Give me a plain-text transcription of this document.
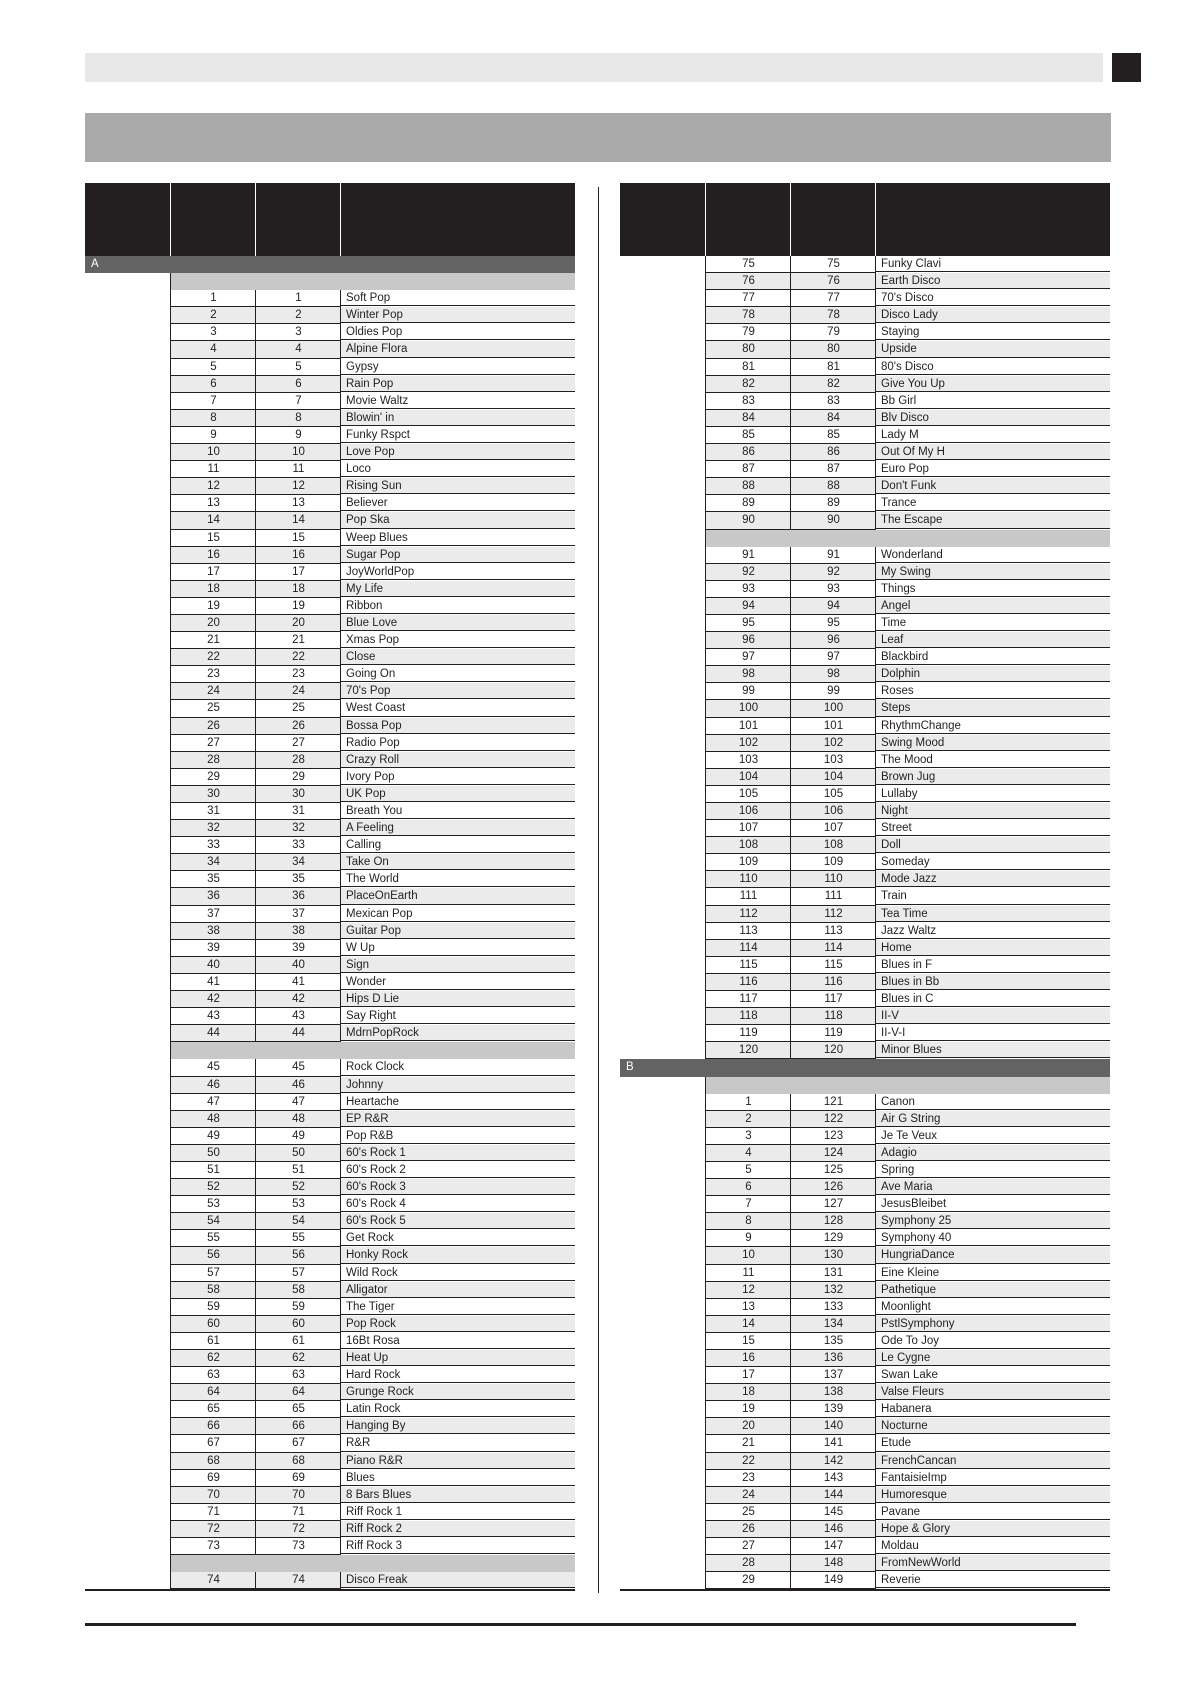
A
1	1	Soft Pop
2	2	Winter Pop
3	3	Oldies Pop
4	4	Alpine Flora
5	5	Gypsy
6	6	Rain Pop
7	7	Movie Waltz
8	8	Blowin' in
9	9	Funky Rspct
10	10	Love Pop
11	11	Loco
12	12	Rising Sun
13	13	Believer
14	14	Pop Ska
15	15	Weep Blues
16	16	Sugar Pop
17	17	JoyWorldPop
18	18	My Life
19	19	Ribbon
20	20	Blue Love
21	21	Xmas Pop
22	22	Close
23	23	Going On
24	24	70's Pop
25	25	West Coast
26	26	Bossa Pop
27	27	Radio Pop
28	28	Crazy Roll
29	29	Ivory Pop
30	30	UK Pop
31	31	Breath You
32	32	A Feeling
33	33	Calling
34	34	Take On
35	35	The World
36	36	PlaceOnEarth
37	37	Mexican Pop
38	38	Guitar Pop
39	39	W Up
40	40	Sign
41	41	Wonder
42	42	Hips D Lie
43	43	Say Right
44	44	MdrnPopRock
45	45	Rock Clock
46	46	Johnny
47	47	Heartache
48	48	EP R&R
49	49	Pop R&B
50	50	60's Rock 1
51	51	60's Rock 2
52	52	60's Rock 3
53	53	60's Rock 4
54	54	60's Rock 5
55	55	Get Rock
56	56	Honky Rock
57	57	Wild Rock
58	58	Alligator
59	59	The Tiger
60	60	Pop Rock
61	61	16Bt Rosa
62	62	Heat Up
63	63	Hard Rock
64	64	Grunge Rock
65	65	Latin Rock
66	66	Hanging By
67	67	R&R
68	68	Piano R&R
69	69	Blues
70	70	8 Bars Blues
71	71	Riff Rock 1
72	72	Riff Rock 2
73	73	Riff Rock 3
74	74	Disco Freak
75	75	Funky Clavi
76	76	Earth Disco
77	77	70's Disco
78	78	Disco Lady
79	79	Staying
80	80	Upside
81	81	80's Disco
82	82	Give You Up
83	83	Bb Girl
84	84	Blv Disco
85	85	Lady M
86	86	Out Of My H
87	87	Euro Pop
88	88	Don't Funk
89	89	Trance
90	90	The Escape
91	91	Wonderland
92	92	My Swing
93	93	Things
94	94	Angel
95	95	Time
96	96	Leaf
97	97	Blackbird
98	98	Dolphin
99	99	Roses
100	100	Steps
101	101	RhythmChange
102	102	Swing Mood
103	103	The Mood
104	104	Brown Jug
105	105	Lullaby
106	106	Night
107	107	Street
108	108	Doll
109	109	Someday
110	110	Mode Jazz
111	111	Train
112	112	Tea Time
113	113	Jazz Waltz
114	114	Home
115	115	Blues in F
116	116	Blues in Bb
117	117	Blues in C
118	118	II-V
119	119	II-V-I
120	120	Minor Blues
B
1	121	Canon
2	122	Air G String
3	123	Je Te Veux
4	124	Adagio
5	125	Spring
6	126	Ave Maria
7	127	JesusBleibet
8	128	Symphony 25
9	129	Symphony 40
10	130	HungriaDance
11	131	Eine Kleine
12	132	Pathetique
13	133	Moonlight
14	134	PstlSymphony
15	135	Ode To Joy
16	136	Le Cygne
17	137	Swan Lake
18	138	Valse Fleurs
19	139	Habanera
20	140	Nocturne
21	141	Etude
22	142	FrenchCancan
23	143	FantaisieImp
24	144	Humoresque
25	145	Pavane
26	146	Hope & Glory
27	147	Moldau
28	148	FromNewWorld
29	149	Reverie
